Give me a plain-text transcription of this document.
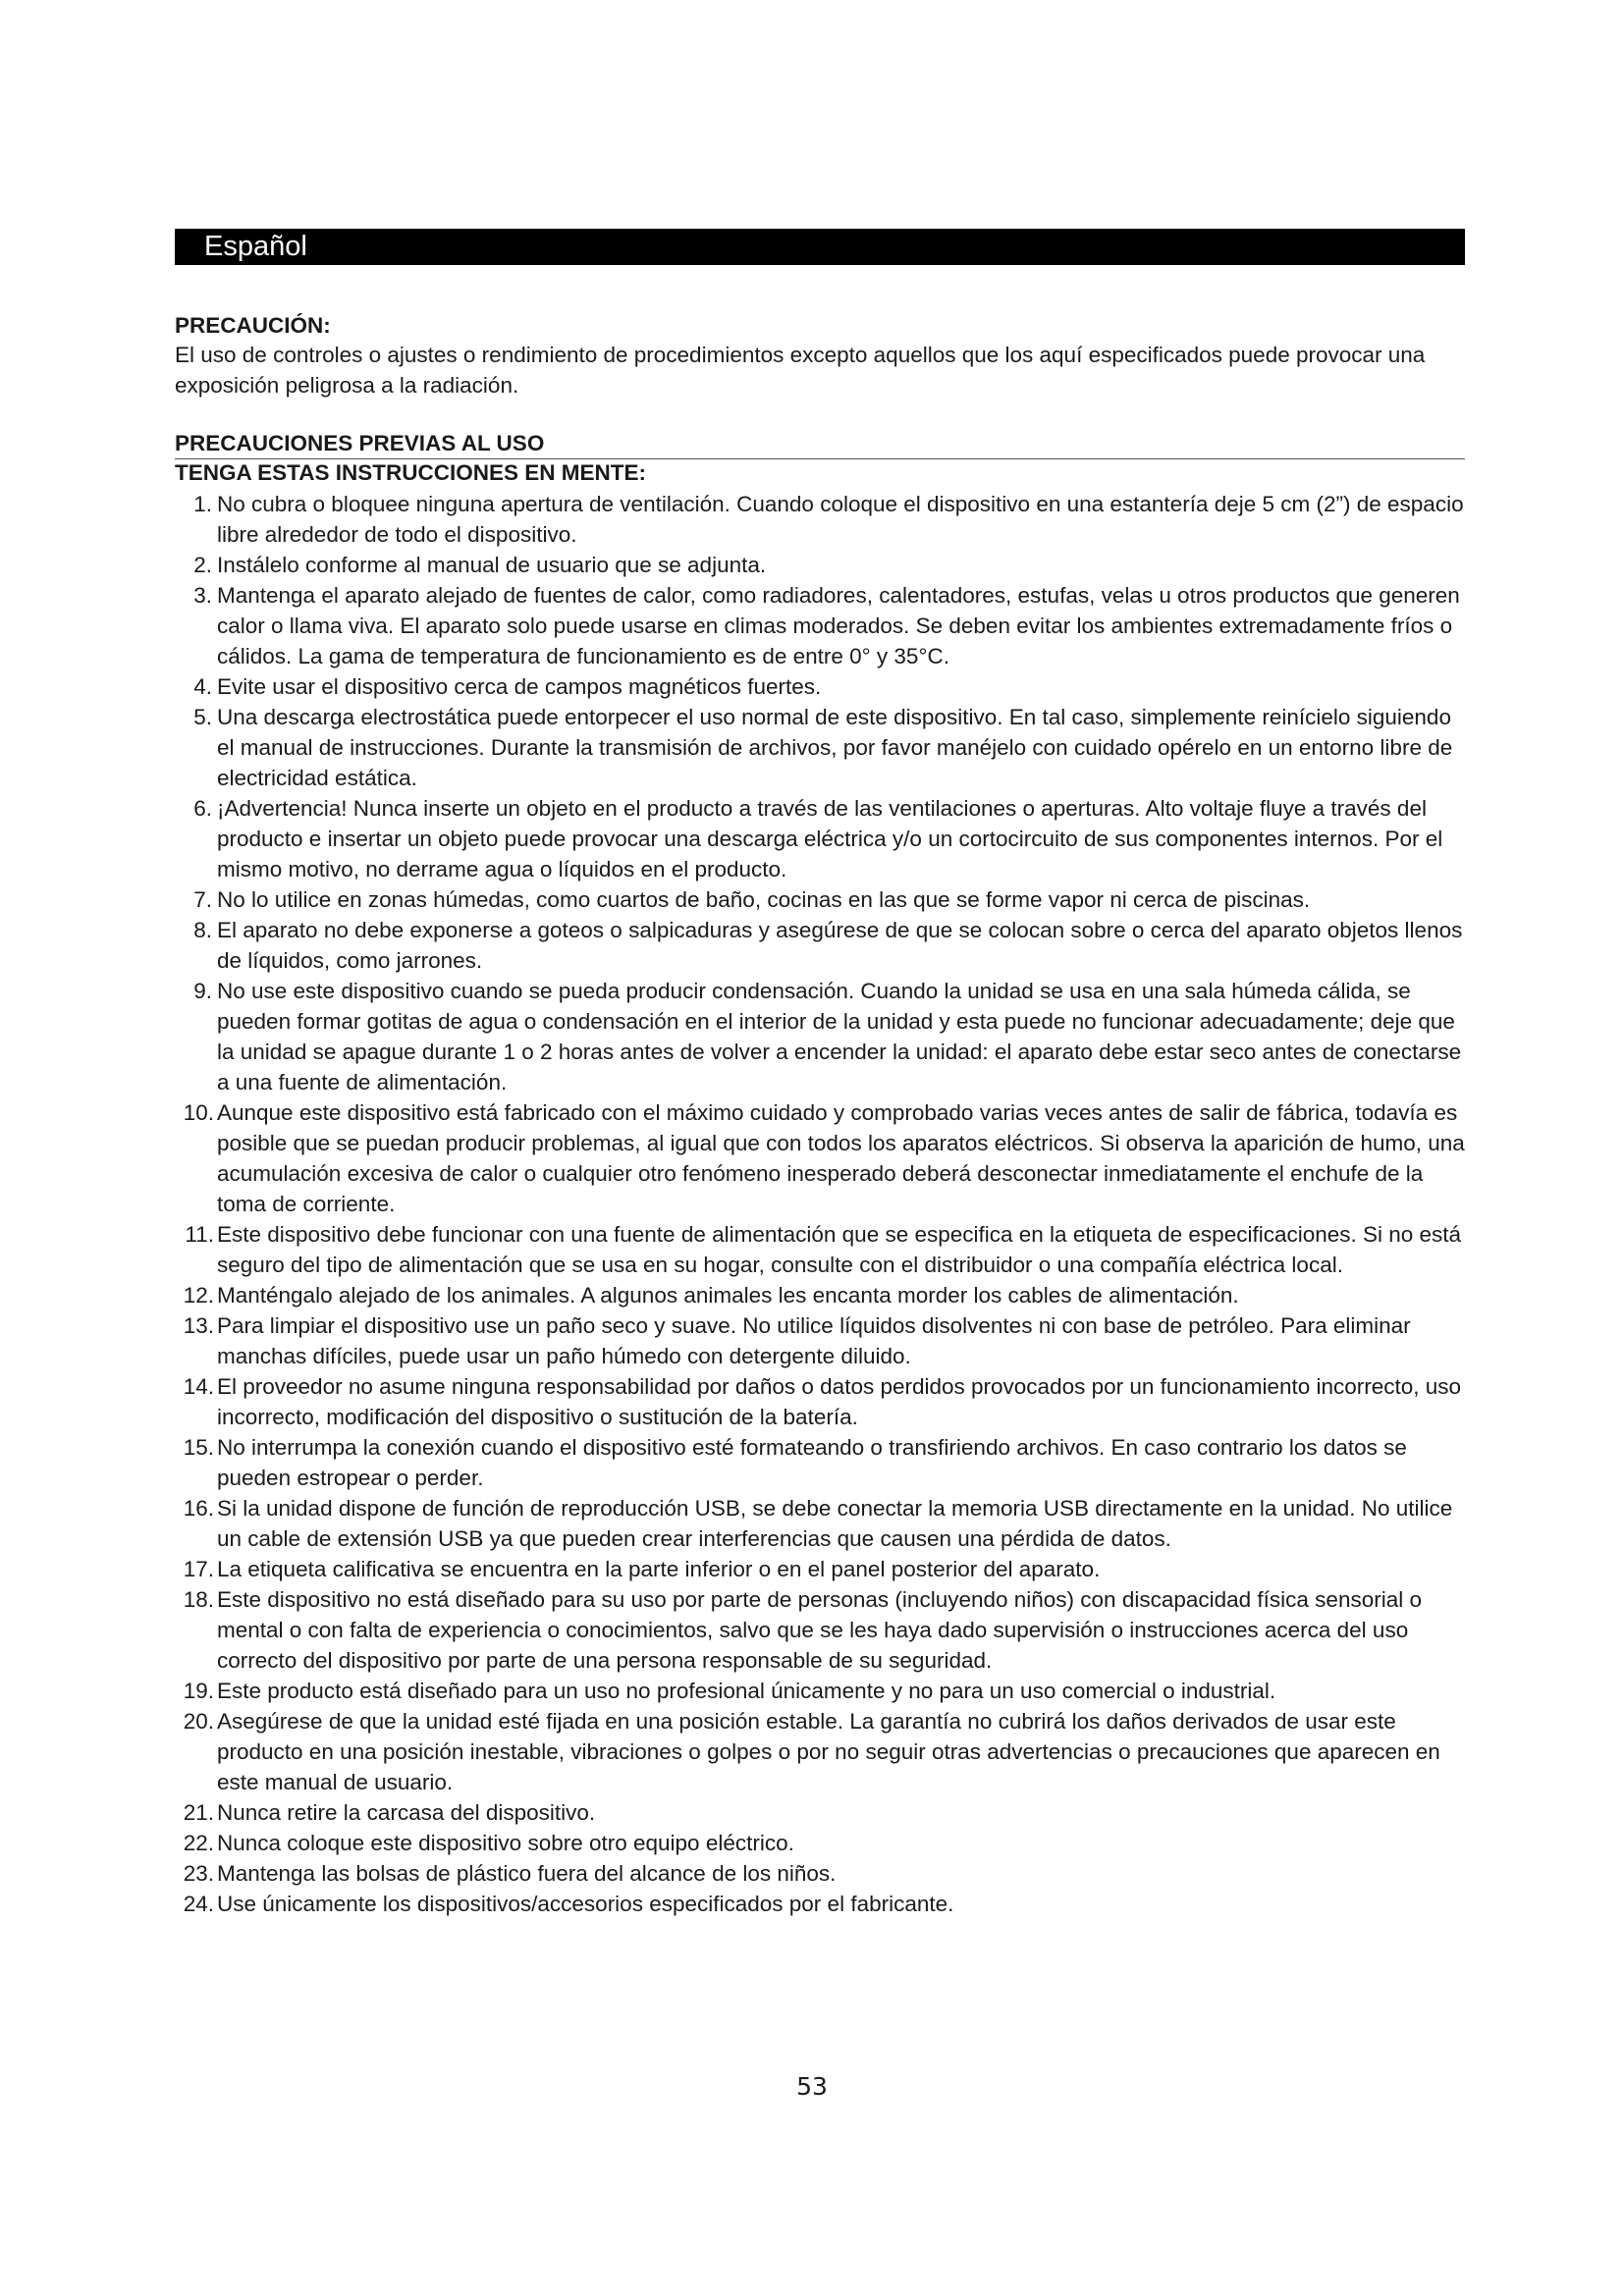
Español

PRECAUCIÓN:

El uso de controles o ajustes o rendimiento de procedimientos excepto aquellos que los aquí especificados puede provocar una exposición peligrosa a la radiación.

PRECAUCIONES PREVIAS AL USO

TENGA ESTAS INSTRUCCIONES EN MENTE:

1. No cubra o bloquee ninguna apertura de ventilación. Cuando coloque el dispositivo en una estantería deje 5 cm (2”) de espacio libre alrededor de todo el dispositivo.
2. Instálelo conforme al manual de usuario que se adjunta.
3. Mantenga el aparato alejado de fuentes de calor, como radiadores, calentadores, estufas, velas u otros productos que generen calor o llama viva. El aparato solo puede usarse en climas moderados. Se deben evitar los ambientes extremadamente fríos o cálidos. La gama de temperatura de funcionamiento es de entre 0° y 35°C.
4. Evite usar el dispositivo cerca de campos magnéticos fuertes.
5. Una descarga electrostática puede entorpecer el uso normal de este dispositivo. En tal caso, simplemente reinícielo siguiendo el manual de instrucciones. Durante la transmisión de archivos, por favor manéjelo con cuidado opérelo en un entorno libre de electricidad estática.
6. ¡Advertencia! Nunca inserte un objeto en el producto a través de las ventilaciones o aperturas. Alto voltaje fluye a través del producto e insertar un objeto puede provocar una descarga eléctrica y/o un cortocircuito de sus componentes internos. Por el mismo motivo, no derrame agua o líquidos en el producto.
7. No lo utilice en zonas húmedas, como cuartos de baño, cocinas en las que se forme vapor ni cerca de piscinas.
8. El aparato no debe exponerse a goteos o salpicaduras y asegúrese de que se colocan sobre o cerca del aparato objetos llenos de líquidos, como jarrones.
9. No use este dispositivo cuando se pueda producir condensación. Cuando la unidad se usa en una sala húmeda cálida, se pueden formar gotitas de agua o condensación en el interior de la unidad y esta puede no funcionar adecuadamente; deje que la unidad se apague durante 1 o 2 horas antes de volver a encender la unidad: el aparato debe estar seco antes de conectarse a una fuente de alimentación.
10. Aunque este dispositivo está fabricado con el máximo cuidado y comprobado varias veces antes de salir de fábrica, todavía es posible que se puedan producir problemas, al igual que con todos los aparatos eléctricos. Si observa la aparición de humo, una acumulación excesiva de calor o cualquier otro fenómeno inesperado deberá desconectar inmediatamente el enchufe de la toma de corriente.
11. Este dispositivo debe funcionar con una fuente de alimentación que se especifica en la etiqueta de especificaciones. Si no está seguro del tipo de alimentación que se usa en su hogar, consulte con el distribuidor o una compañía eléctrica local.
12. Manténgalo alejado de los animales. A algunos animales les encanta morder los cables de alimentación.
13. Para limpiar el dispositivo use un paño seco y suave. No utilice líquidos disolventes ni con base de petróleo. Para eliminar manchas difíciles, puede usar un paño húmedo con detergente diluido.
14. El proveedor no asume ninguna responsabilidad por daños o datos perdidos provocados por un funcionamiento incorrecto, uso incorrecto, modificación del dispositivo o sustitución de la batería.
15. No interrumpa la conexión cuando el dispositivo esté formateando o transfiriendo archivos. En caso contrario los datos se pueden estropear o perder.
16. Si la unidad dispone de función de reproducción USB, se debe conectar la memoria USB directamente en la unidad. No utilice un cable de extensión USB ya que pueden crear interferencias que causen una pérdida de datos.
17. La etiqueta calificativa se encuentra en la parte inferior o en el panel posterior del aparato.
18. Este dispositivo no está diseñado para su uso por parte de personas (incluyendo niños) con discapacidad física sensorial o mental o con falta de experiencia o conocimientos, salvo que se les haya dado supervisión o instrucciones acerca del uso correcto del dispositivo por parte de una persona responsable de su seguridad.
19. Este producto está diseñado para un uso no profesional únicamente y no para un uso comercial o industrial.
20. Asegúrese de que la unidad esté fijada en una posición estable. La garantía no cubrirá los daños derivados de usar este producto en una posición inestable, vibraciones o golpes o por no seguir otras advertencias o precauciones que aparecen en este manual de usuario.
21. Nunca retire la carcasa del dispositivo.
22. Nunca coloque este dispositivo sobre otro equipo eléctrico.
23. Mantenga las bolsas de plástico fuera del alcance de los niños.
24. Use únicamente los dispositivos/accesorios especificados por el fabricante.
53
